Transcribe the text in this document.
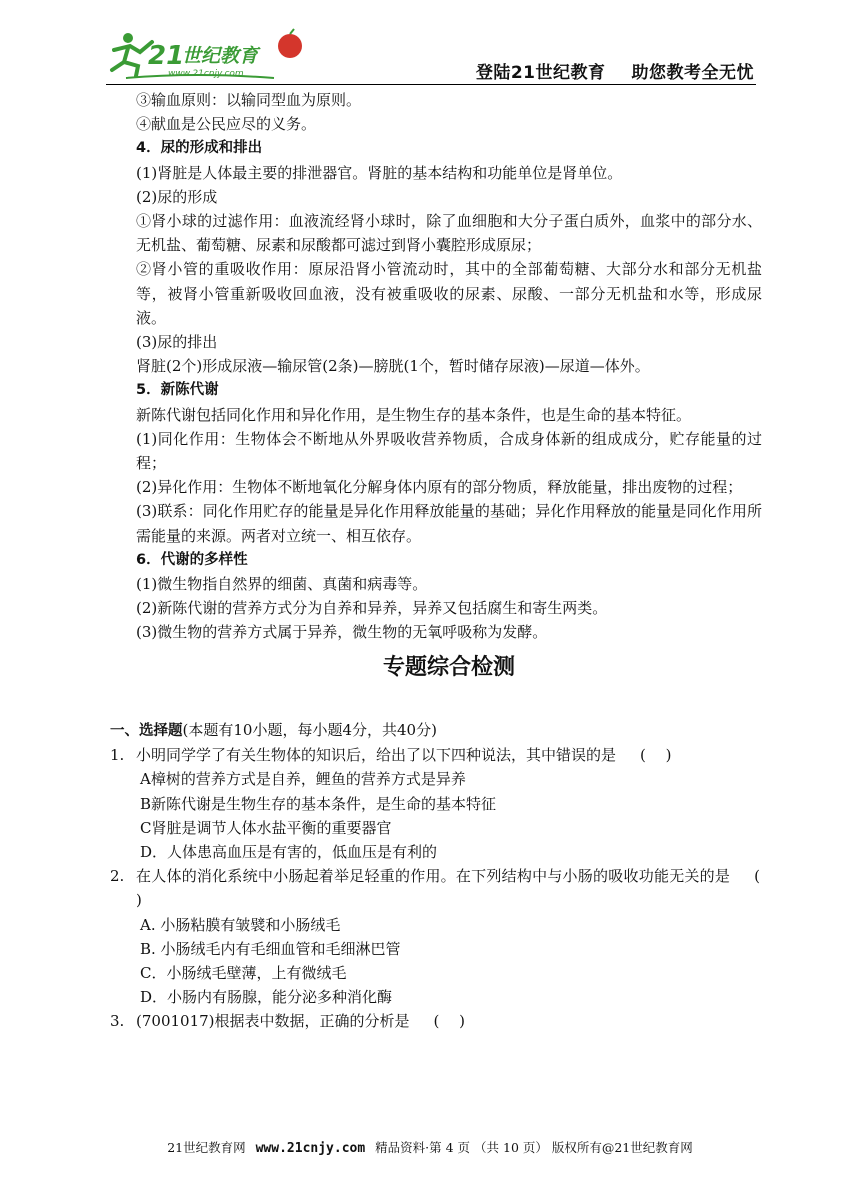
21
世纪教育
www.21cnjy.com	登陆21世纪教育 助您教考全无忧
③输血原则：以输同型血为原则。
④献血是公民应尽的义务。
4．尿的形成和排出
(1)肾脏是人体最主要的排泄器官。肾脏的基本结构和功能单位是肾单位。
(2)尿的形成
①肾小球的过滤作用：血液流经肾小球时，除了血细胞和大分子蛋白质外，血浆中的部分水、无机盐、葡萄糖、尿素和尿酸都可滤过到肾小囊腔形成原尿；
②肾小管的重吸收作用：原尿沿肾小管流动时，其中的全部葡萄糖、大部分水和部分无机盐等，被肾小管重新吸收回血液，没有被重吸收的尿素、尿酸、一部分无机盐和水等，形成尿液。
(3)尿的排出
肾脏(2个)形成尿液—输尿管(2条)—膀胱(1个，暂时储存尿液)—尿道—体外。
5．新陈代谢
新陈代谢包括同化作用和异化作用，是生物生存的基本条件，也是生命的基本特征。
(1)同化作用：生物体会不断地从外界吸收营养物质，合成身体新的组成成分，贮存能量的过程；
(2)异化作用：生物体不断地氧化分解身体内原有的部分物质，释放能量，排出废物的过程；
(3)联系：同化作用贮存的能量是异化作用释放能量的基础；异化作用释放的能量是同化作用所需能量的来源。两者对立统一、相互依存。
6．代谢的多样性
(1)微生物指自然界的细菌、真菌和病毒等。
(2)新陈代谢的营养方式分为自养和异养，异养又包括腐生和寄生两类。
(3)微生物的营养方式属于异养，微生物的无氧呼吸称为发酵。
专题综合检测
一、选择题(本题有10小题，每小题4分，共40分)
1. 小明同学学了有关生物体的知识后，给出了以下四种说法，其中错误的是 (　 )
A樟树的营养方式是自养，鲤鱼的营养方式是异养
B新陈代谢是生物生存的基本条件，是生命的基本特征
C肾脏是调节人体水盐平衡的重要器官
D．人体患高血压是有害的，低血压是有利的
2. 在人体的消化系统中小肠起着举足轻重的作用。在下列结构中与小肠的吸收功能无关的是 (　 )
A. 小肠粘膜有皱襞和小肠绒毛
B. 小肠绒毛内有毛细血管和毛细淋巴管
C．小肠绒毛壁薄，上有微绒毛
D．小肠内有肠腺，能分泌多种消化酶
3. (7001017)根据表中数据，正确的分析是 (　 )
21世纪教育网 www.21cnjy.com 精品资料·第 4 页 （共 10 页） 版权所有@21世纪教育网
